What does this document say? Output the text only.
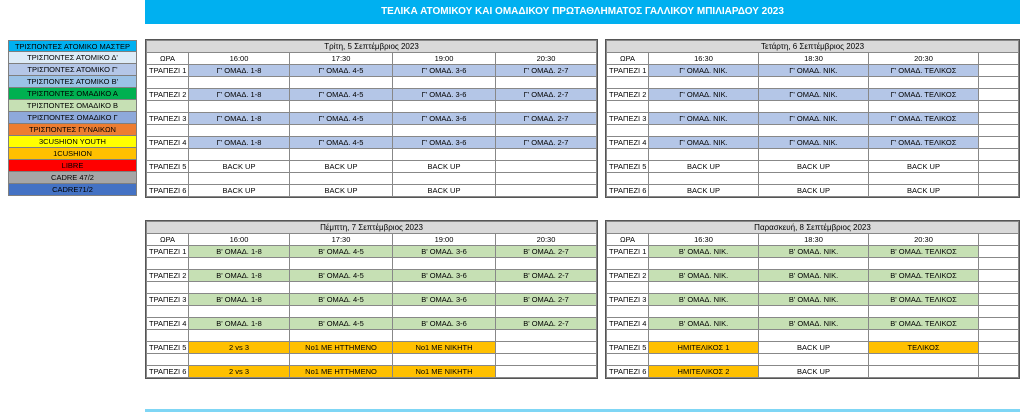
ΤΕΛΙΚΑ ΑΤΟΜΙΚΟΥ ΚΑΙ ΟΜΑΔΙΚΟΥ ΠΡΩΤΑΘΛΗΜΑΤΟΣ ΓΑΛΛΙΚΟΥ ΜΠΙΛΙΑΡΔΟΥ 2023
ΤΡΙΣΠΟΝΤΕΣ ΑΤΟΜΙΚΟ ΜΑΣΤΕΡ
ΤΡΙΣΠΟΝΤΕΣ ΑΤΟΜΙΚΟ Δ'
ΤΡΙΣΠΟΝΤΕΣ ΑΤΟΜΙΚΟ Γ'
ΤΡΙΣΠΟΝΤΕΣ ΑΤΟΜΙΚΟ Β'
ΤΡΙΣΠΟΝΤΕΣ ΟΜΑΔΙΚΟ Α
ΤΡΙΣΠΟΝΤΕΣ ΟΜΑΔΙΚΟ Β
ΤΡΙΣΠΟΝΤΕΣ ΟΜΑΔΙΚΟ Γ
ΤΡΙΣΠΟΝΤΕΣ ΓΥΝΑΙΚΩΝ
3CUSHION YOUTH
1CUSHION
LIBRE
CADRE 47/2
CADRE71/2
Τρίτη, 5 Σεπτέμβριος 2023				
ΩΡΑ	16:00	17:30	19:00	20:30
ΤΡΑΠΕΖΙ 1	Γ' ΟΜΑΔ. 1-8	Γ' ΟΜΑΔ. 4-5	Γ' ΟΜΑΔ. 3-6	Γ' ΟΜΑΔ. 2-7

ΤΡΑΠΕΖΙ 2	Γ' ΟΜΑΔ. 1-8	Γ' ΟΜΑΔ. 4-5	Γ' ΟΜΑΔ. 3-6	Γ' ΟΜΑΔ. 2-7

ΤΡΑΠΕΖΙ 3	Γ' ΟΜΑΔ. 1-8	Γ' ΟΜΑΔ. 4-5	Γ' ΟΜΑΔ. 3-6	Γ' ΟΜΑΔ. 2-7

ΤΡΑΠΕΖΙ 4	Γ' ΟΜΑΔ. 1-8	Γ' ΟΜΑΔ. 4-5	Γ' ΟΜΑΔ. 3-6	Γ' ΟΜΑΔ. 2-7

ΤΡΑΠΕΖΙ 5	BACK UP	BACK UP	BACK UP	

ΤΡΑΠΕΖΙ 6	BACK UP	BACK UP	BACK UP	
Τετάρτη, 6 Σεπτέμβριος 2023				
ΩΡΑ	16:30	18:30	20:30	
ΤΡΑΠΕΖΙ 1	Γ' ΟΜΑΔ. ΝΙΚ.	Γ' ΟΜΑΔ. ΝΙΚ.	Γ' ΟΜΑΔ. ΤΕΛΙΚΟΣ	

ΤΡΑΠΕΖΙ 2	Γ' ΟΜΑΔ. ΝΙΚ.	Γ' ΟΜΑΔ. ΝΙΚ.	Γ' ΟΜΑΔ. ΤΕΛΙΚΟΣ	

ΤΡΑΠΕΖΙ 3	Γ' ΟΜΑΔ. ΝΙΚ.	Γ' ΟΜΑΔ. ΝΙΚ.	Γ' ΟΜΑΔ. ΤΕΛΙΚΟΣ	

ΤΡΑΠΕΖΙ 4	Γ' ΟΜΑΔ. ΝΙΚ.	Γ' ΟΜΑΔ. ΝΙΚ.	Γ' ΟΜΑΔ. ΤΕΛΙΚΟΣ	

ΤΡΑΠΕΖΙ 5	BACK UP	BACK UP	BACK UP	

ΤΡΑΠΕΖΙ 6	BACK UP	BACK UP	BACK UP	
Πέμπτη, 7 Σεπτέμβριος 2023				
ΩΡΑ	16:00	17:30	19:00	20:30
ΤΡΑΠΕΖΙ 1	Β' ΟΜΑΔ. 1-8	Β' ΟΜΑΔ. 4-5	Β' ΟΜΑΔ. 3-6	Β' ΟΜΑΔ. 2-7

ΤΡΑΠΕΖΙ 2	Β' ΟΜΑΔ. 1-8	Β' ΟΜΑΔ. 4-5	Β' ΟΜΑΔ. 3-6	Β' ΟΜΑΔ. 2-7

ΤΡΑΠΕΖΙ 3	Β' ΟΜΑΔ. 1-8	Β' ΟΜΑΔ. 4-5	Β' ΟΜΑΔ. 3-6	Β' ΟΜΑΔ. 2-7

ΤΡΑΠΕΖΙ 4	Β' ΟΜΑΔ. 1-8	Β' ΟΜΑΔ. 4-5	Β' ΟΜΑΔ. 3-6	Β' ΟΜΑΔ. 2-7

ΤΡΑΠΕΖΙ 5	2 vs 3	Νο1 ΜΕ ΗΤΤΗΜΕΝΟ	Νο1 ΜΕ ΝΙΚΗΤΗ	

ΤΡΑΠΕΖΙ 6	2 vs 3	Νο1 ΜΕ ΗΤΤΗΜΕΝΟ	Νο1 ΜΕ ΝΙΚΗΤΗ	
Παρασκευή, 8 Σεπτέμβριος 2023				
ΩΡΑ	16:30	18:30	20:30	
ΤΡΑΠΕΖΙ 1	Β' ΟΜΑΔ. ΝΙΚ.	Β' ΟΜΑΔ. ΝΙΚ.	Β' ΟΜΑΔ. ΤΕΛΙΚΟΣ	

ΤΡΑΠΕΖΙ 2	Β' ΟΜΑΔ. ΝΙΚ.	Β' ΟΜΑΔ. ΝΙΚ.	Β' ΟΜΑΔ. ΤΕΛΙΚΟΣ	

ΤΡΑΠΕΖΙ 3	Β' ΟΜΑΔ. ΝΙΚ.	Β' ΟΜΑΔ. ΝΙΚ.	Β' ΟΜΑΔ. ΤΕΛΙΚΟΣ	

ΤΡΑΠΕΖΙ 4	Β' ΟΜΑΔ. ΝΙΚ.	Β' ΟΜΑΔ. ΝΙΚ.	Β' ΟΜΑΔ. ΤΕΛΙΚΟΣ	

ΤΡΑΠΕΖΙ 5	ΗΜΙΤΕΛΙΚΟΣ 1	BACK UP	ΤΕΛΙΚΟΣ	

ΤΡΑΠΕΖΙ 6	ΗΜΙΤΕΛΙΚΟΣ 2	BACK UP		
